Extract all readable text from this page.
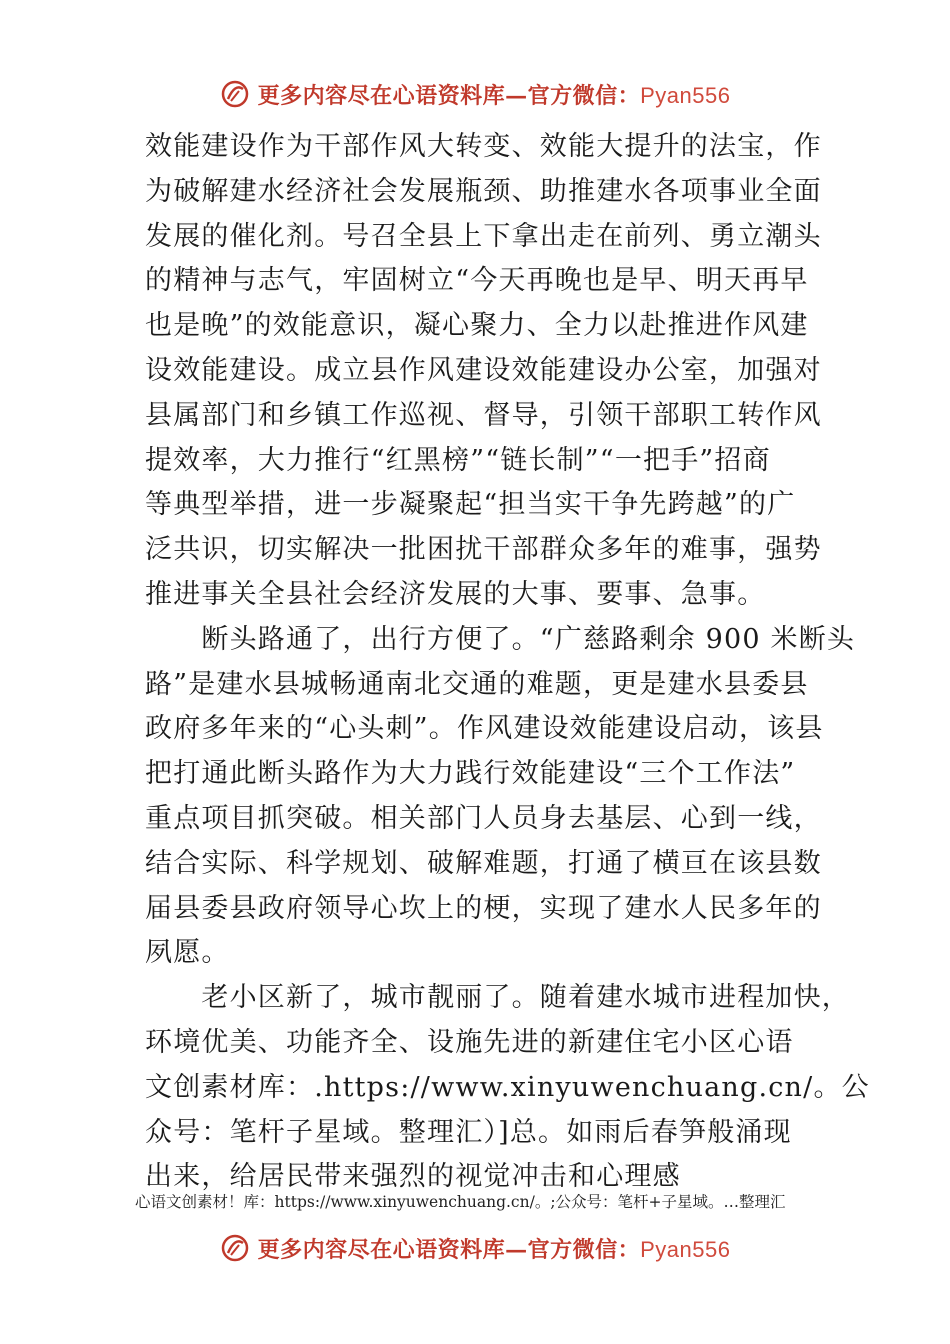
更多内容尽在心语资料库—官方微信：Pyan556
效能建设作为干部作风大转变、效能大提升的法宝，作
为破解建水经济社会发展瓶颈、助推建水各项事业全面
发展的催化剂。号召全县上下拿出走在前列、勇立潮头
的精神与志气，牢固树立“今天再晚也是早、明天再早
也是晚”的效能意识，凝心聚力、全力以赴推进作风建
设效能建设。成立县作风建设效能建设办公室，加强对
县属部门和乡镇工作巡视、督导，引领干部职工转作风
提效率，大力推行“红黑榜”“链长制”“一把手”招商
等典型举措，进一步凝聚起“担当实干争先跨越”的广
泛共识，切实解决一批困扰干部群众多年的难事，强势
推进事关全县社会经济发展的大事、要事、急事。
　　断头路通了，出行方便了。“广慈路剩余 900 米断头
路”是建水县城畅通南北交通的难题，更是建水县委县
政府多年来的“心头刺”。作风建设效能建设启动，该县
把打通此断头路作为大力践行效能建设“三个工作法”
重点项目抓突破。相关部门人员身去基层、心到一线，
结合实际、科学规划、破解难题，打通了横亘在该县数
届县委县政府领导心坎上的梗，实现了建水人民多年的
夙愿。
　　老小区新了，城市靓丽了。随着建水城市进程加快，
环境优美、功能齐全、设施先进的新建住宅小区心语
文创素材库：.https://www.xinyuwenchuang.cn/。公
众号：笔杆子星域。整理汇）]总。如雨后春笋般涌现
出来，给居民带来强烈的视觉冲击和心理感
心语文创素材！库：https://www.xinyuwenchuang.cn/。;公众号：笔杆+子星域。…整理汇
更多内容尽在心语资料库—官方微信：Pyan556
